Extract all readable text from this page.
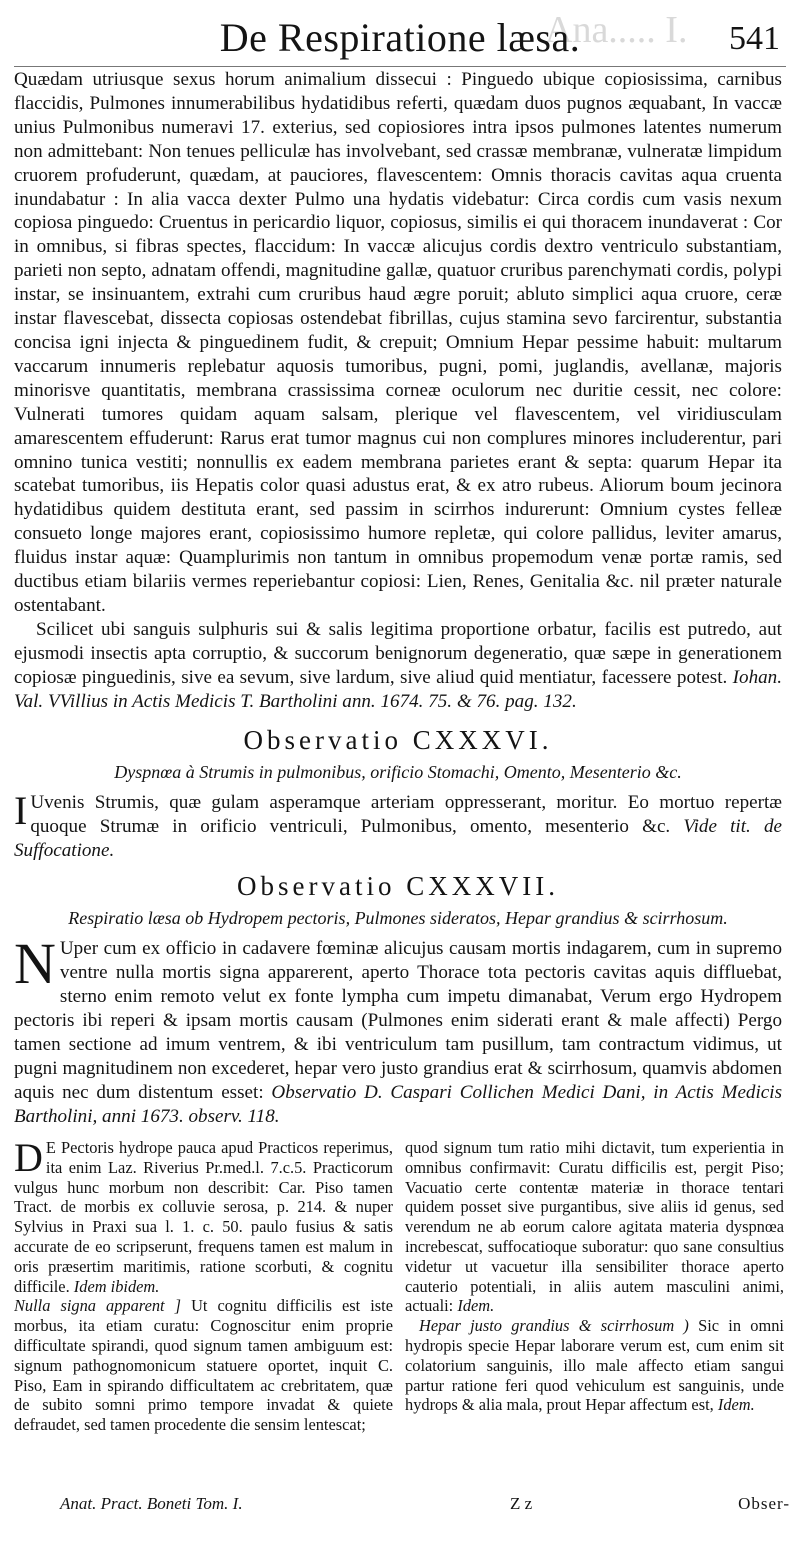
Ana..... I.
De Respiratione læsa.	541

Quædam utriusque sexus horum animalium dissecui : Pinguedo ubique copiosissima, carnibus flaccidis, Pulmones innumerabilibus hydatidibus referti, quædam duos pugnos æquabant, In vaccæ unius Pulmonibus numeravi 17. exterius, sed copiosiores intra ipsos pulmones latentes numerum non admittebant: Non tenues pelliculæ has involvebant, sed crassæ membranæ, vulneratæ limpidum cruorem profuderunt, quædam, at pauciores, flavescentem: Omnis thoracis cavitas aqua cruenta inundabatur : In alia vacca dexter Pulmo una hydatis videbatur: Circa cordis cum vasis nexum copiosa pinguedo: Cruentus in pericardio liquor, copiosus, similis ei qui thoracem inundaverat : Cor in omnibus, si fibras spectes, flaccidum: In vaccæ alicujus cordis dextro ventriculo substantiam, parieti non septo, adnatam offendi, magnitudine gallæ, quatuor cruribus parenchymati cordis, polypi instar, se insinuantem, extrahi cum cruribus haud ægre poruit; abluto simplici aqua cruore, ceræ instar flavescebat, dissecta copiosas ostendebat fibrillas, cujus stamina sevo farcirentur, substantia concisa igni injecta & pinguedinem fudit, & crepuit; Omnium Hepar pessime habuit: multarum vaccarum innumeris replebatur aquosis tumoribus, pugni, pomi, juglandis, avellanæ, majoris minorisve quantitatis, membrana crassissima corneæ oculorum nec duritie cessit, nec colore: Vulnerati tumores quidam aquam salsam, plerique vel flavescentem, vel viridiusculam amarescentem effuderunt: Rarus erat tumor magnus cui non complures minores includerentur, pari omnino tunica vestiti; nonnullis ex eadem membrana parietes erant & septa: quarum Hepar ita scatebat tumoribus, iis Hepatis color quasi adustus erat, & ex atro rubeus. Aliorum boum jecinora hydatidibus quidem destituta erant, sed passim in scirrhos indurerunt: Omnium cystes felleæ consueto longe majores erant, copiosissimo humore repletæ, qui colore pallidus, leviter amarus, fluidus instar aquæ: Quamplurimis non tantum in omnibus propemodum venæ portæ ramis, sed ductibus etiam bilariis vermes reperiebantur copiosi: Lien, Renes, Genitalia &c. nil præter naturale ostentabant.

Scilicet ubi sanguis sulphuris sui & salis legitima proportione orbatur, facilis est putredo, aut ejusmodi insectis apta corruptio, & succorum benignorum degeneratio, quæ sæpe in generationem copiosæ pinguedinis, sive ea sevum, sive lardum, sive aliud quid mentiatur, facessere potest. Iohan. Val. VVillius in Actis Medicis T. Bartholini ann. 1674. 75. & 76. pag. 132.

Observatio CXXXVI.
Dyspnœa à Strumis in pulmonibus, orificio Stomachi, Omento, Mesenterio &c.

I Uvenis Strumis, quæ gulam asperamque arteriam oppresserant, moritur. Eo mortuo repertæ quoque Strumæ in orificio ventriculi, Pulmonibus, omento, mesenterio &c. Vide tit. de Suffocatione.

Observatio CXXXVII.
Respiratio læsa ob Hydropem pectoris, Pulmones sideratos, Hepar grandius & scirrhosum.

N Uper cum ex officio in cadavere fœminæ alicujus causam mortis indagarem, cum in supremo ventre nulla mortis signa apparerent, aperto Thorace tota pectoris cavitas aquis diffluebat, sterno enim remoto velut ex fonte lympha cum impetu dimanabat, Verum ergo Hydropem pectoris ibi reperi & ipsam mortis causam (Pulmones enim siderati erant & male affecti) Pergo tamen sectione ad imum ventrem, & ibi ventriculum tam pusillum, tam contractum vidimus, ut pugni magnitudinem non excederet, hepar vero justo grandius erat & scirrhosum, quamvis abdomen aquis nec dum distentum esset: Observatio D. Caspari Collichen Medici Dani, in Actis Medicis Bartholini, anni 1673. observ. 118.

D E Pectoris hydrope pauca apud Practicos reperimus, ita enim Laz. Riverius Pr.med.l. 7.c.5. Practicorum vulgus hunc morbum non describit: Car. Piso tamen Tract. de morbis ex colluvie serosa, p. 214. & nuper Sylvius in Praxi sua l. 1. c. 50. paulo fusius & satis accurate de eo scripserunt, frequens tamen est malum in oris præsertim maritimis, ratione scorbuti, & cognitu difficile. Idem ibidem.

Nulla signa apparent ] Ut cognitu difficilis est iste morbus, ita etiam curatu: Cognoscitur enim proprie difficultate spirandi, quod signum tamen ambiguum est: signum pathognomonicum statuere oportet, inquit C. Piso, Eam in spirando difficultatem ac crebritatem, quæ de subito somni primo tempore invadat & quiete defraudet, sed tamen procedente die sensim lentescat;

quod signum tum ratio mihi dictavit, tum experientia in omnibus confirmavit: Curatu difficilis est, pergit Piso; Vacuatio certe contentæ materiæ in thorace tentari quidem posset sive purgantibus, sive aliis id genus, sed verendum ne ab eorum calore agitata materia dyspnœa increbescat, suffocatioque suboratur: quo sane consultius videtur ut vacuetur illa sensibiliter thorace aperto cauterio potentiali, in aliis autem masculini animi, actuali: Idem.

Hepar justo grandius & scirrhosum ) Sic in omni hydropis specie Hepar laborare verum est, cum enim sit colatorium sanguinis, illo male affecto etiam sangui partur ratione feri quod vehiculum est sanguinis, unde hydrops & alia mala, prout Hepar affectum est, Idem.

Anat. Pract. Boneti Tom. I.	Z z	Obser-
